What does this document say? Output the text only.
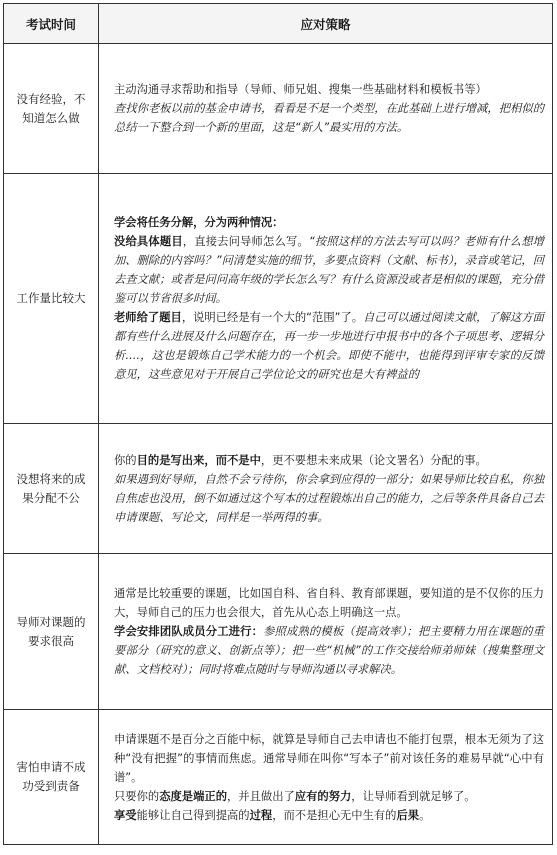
考试时间	应对策略
没有经验，不知道怎么做	主动沟通寻求帮助和指导（导师、师兄姐、搜集一些基础材料和模板书等）

查找你老板以前的基金申请书，看看是不是一个类型，在此基础上进行增减，把相似的总结一下整合到一个新的里面，这是“新人”最实用的方法。

工作量比较大	学会将任务分解，分为两种情况：

没给具体题目，直接去问导师怎么写。“按照这样的方法去写可以吗？老师有什么想增加、删除的内容吗？”问清楚实施的细节，多要点资料（文献、标书），录音或笔记，回去查文献；或者是问问高年级的学长怎么写？有什么资源没或者是相似的课题，充分借鉴可以节省很多时间。

老师给了题目，说明已经是有一个大的“范围”了。自己可以通过阅读文献，了解这方面都有些什么进展及什么问题存在，再一步一步地进行申报书中的各个子项思考、逻辑分析....，这也是锻炼自己学术能力的一个机会。即使不能中，也能得到评审专家的反馈意见，这些意见对于开展自己学位论文的研究也是大有裨益的

没想将来的成果分配不公	你的目的是写出来，而不是中，更不要想未来成果（论文署名）分配的事。

如果遇到好导师，自然不会亏待你，你会拿到应得的一部分；如果导师比较自私，你独自焦虑也没用，倒不如通过这个写本的过程锻炼出自己的能力，之后等条件具备自己去申请课题、写论文，同样是一举两得的事。

导师对课题的要求很高	通常是比较重要的课题，比如国自科、省自科、教育部课题，要知道的是不仅你的压力大，导师自己的压力也会很大，首先从心态上明确这一点。

学会安排团队成员分工进行：参照成熟的模板（提高效率）；把主要精力用在课题的重要部分（研究的意义、创新点等）；把一些“机械”的工作交接给师弟师妹（搜集整理文献、文档校对）；同时将难点随时与导师沟通以寻求解决。

害怕申请不成功受到责备	申请课题不是百分之百能中标，就算是导师自己去申请也不能打包票，根本无须为了这种“没有把握”的事情而焦虑。通常导师在叫你“写本子”前对该任务的难易早就“心中有谱”。

只要你的态度是端正的，并且做出了应有的努力，让导师看到就足够了。

享受能够让自己得到提高的过程，而不是担心无中生有的后果。
